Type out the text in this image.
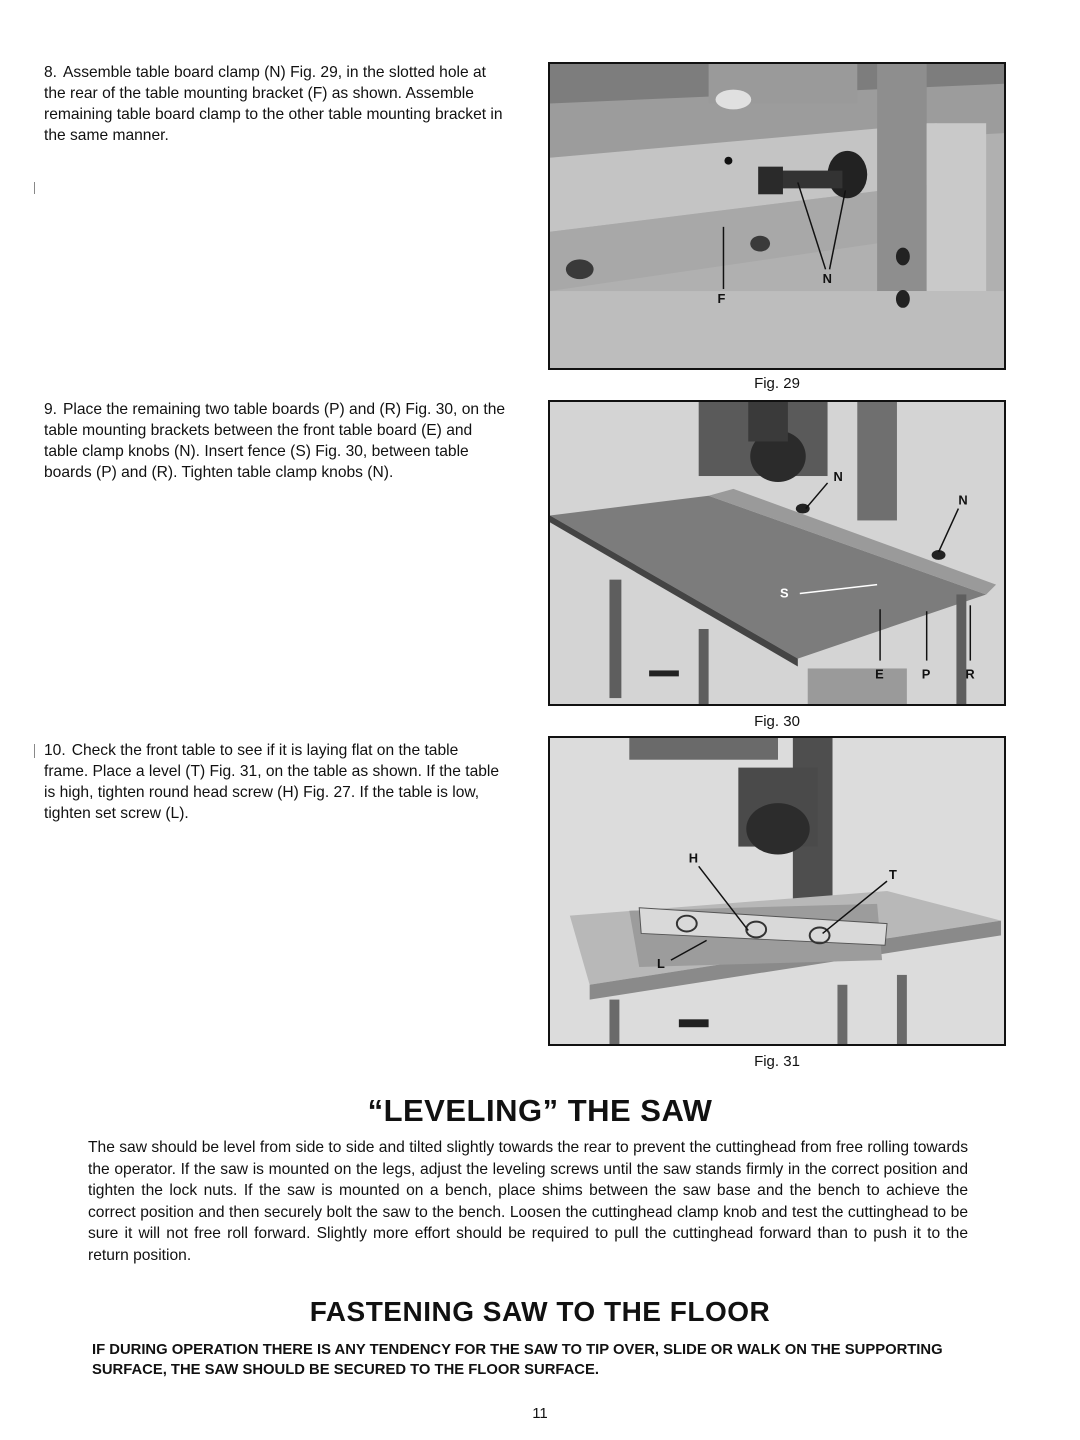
8. Assemble table board clamp (N) Fig. 29, in the slotted hole at the rear of the table mounting bracket (F) as shown. Assemble remaining table board clamp to the other table mounting bracket in the same manner.

9. Place the remaining two table boards (P) and (R) Fig. 30, on the table mounting brackets between the front table board (E) and table clamp knobs (N). Insert fence (S) Fig. 30, between table boards (P) and (R). Tighten table clamp knobs (N).

10. Check the front table to see if it is laying flat on the table frame. Place a level (T) Fig. 31, on the table as shown. If the table is high, tighten round head screw (H) Fig. 27. If the table is low, tighten set screw (L).

F
N

Fig. 29

N
N
S
E	P	R

Fig. 30

H
T
L

Fig. 31

“LEVELING” THE SAW

The saw should be level from side to side and tilted slightly towards the rear to prevent the cuttinghead from free rolling towards the operator. If the saw is mounted on the legs, adjust the leveling screws until the saw stands firmly in the correct position and tighten the lock nuts. If the saw is mounted on a bench, place shims between the saw base and the bench to achieve the correct position and then securely bolt the saw to the bench. Loosen the cuttinghead clamp knob and test the cuttinghead to be sure it will not free roll forward. Slightly more effort should be required to pull the cuttinghead forward than to push it to the return position.

FASTENING SAW TO THE FLOOR

IF DURING OPERATION THERE IS ANY TENDENCY FOR THE SAW TO TIP OVER, SLIDE OR WALK ON THE SUPPORTING SURFACE, THE SAW SHOULD BE SECURED TO THE FLOOR SURFACE.

11
